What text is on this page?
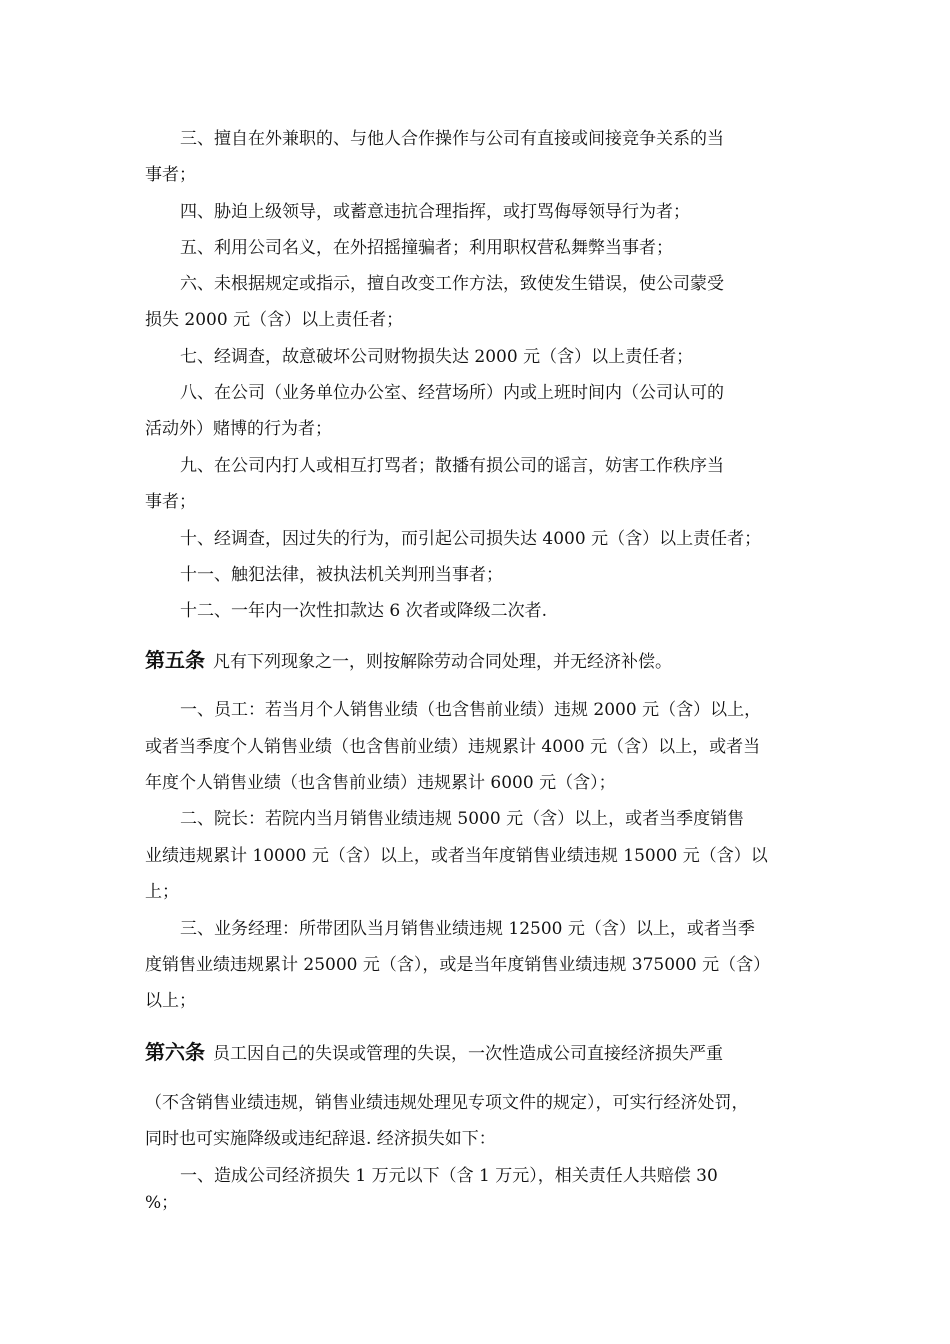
三、擅自在外兼职的、与他人合作操作与公司有直接或间接竞争关系的当

事者；

四、胁迫上级领导，或蓄意违抗合理指挥，或打骂侮辱领导行为者；

五、利用公司名义，在外招摇撞骗者；利用职权营私舞弊当事者；

六、未根据规定或指示，擅自改变工作方法，致使发生错误，使公司蒙受

损失 2000 元（含）以上责任者；

七、经调查，故意破坏公司财物损失达 2000 元（含）以上责任者；

八、在公司（业务单位办公室、经营场所）内或上班时间内（公司认可的

活动外）赌博的行为者；

九、在公司内打人或相互打骂者；散播有损公司的谣言，妨害工作秩序当

事者；

十、经调查，因过失的行为，而引起公司损失达 4000 元（含）以上责任者；

十一、触犯法律，被执法机关判刑当事者；

十二、一年内一次性扣款达 6 次者或降级二次者.

第五条 凡有下列现象之一，则按解除劳动合同处理，并无经济补偿。

一、员工：若当月个人销售业绩（也含售前业绩）违规 2000 元（含）以上，

或者当季度个人销售业绩（也含售前业绩）违规累计 4000 元（含）以上，或者当

年度个人销售业绩（也含售前业绩）违规累计 6000 元（含）；

二、院长：若院内当月销售业绩违规 5000 元（含）以上，或者当季度销售

业绩违规累计 10000 元（含）以上，或者当年度销售业绩违规 15000 元（含）以

上；

三、业务经理：所带团队当月销售业绩违规 12500 元（含）以上，或者当季

度销售业绩违规累计 25000 元（含），或是当年度销售业绩违规 375000 元（含）

以上；

第六条 员工因自己的失误或管理的失误，一次性造成公司直接经济损失严重

（不含销售业绩违规，销售业绩违规处理见专项文件的规定），可实行经济处罚，

同时也可实施降级或违纪辞退. 经济损失如下：

一、造成公司经济损失 1 万元以下（含 1 万元），相关责任人共赔偿 30

%；
